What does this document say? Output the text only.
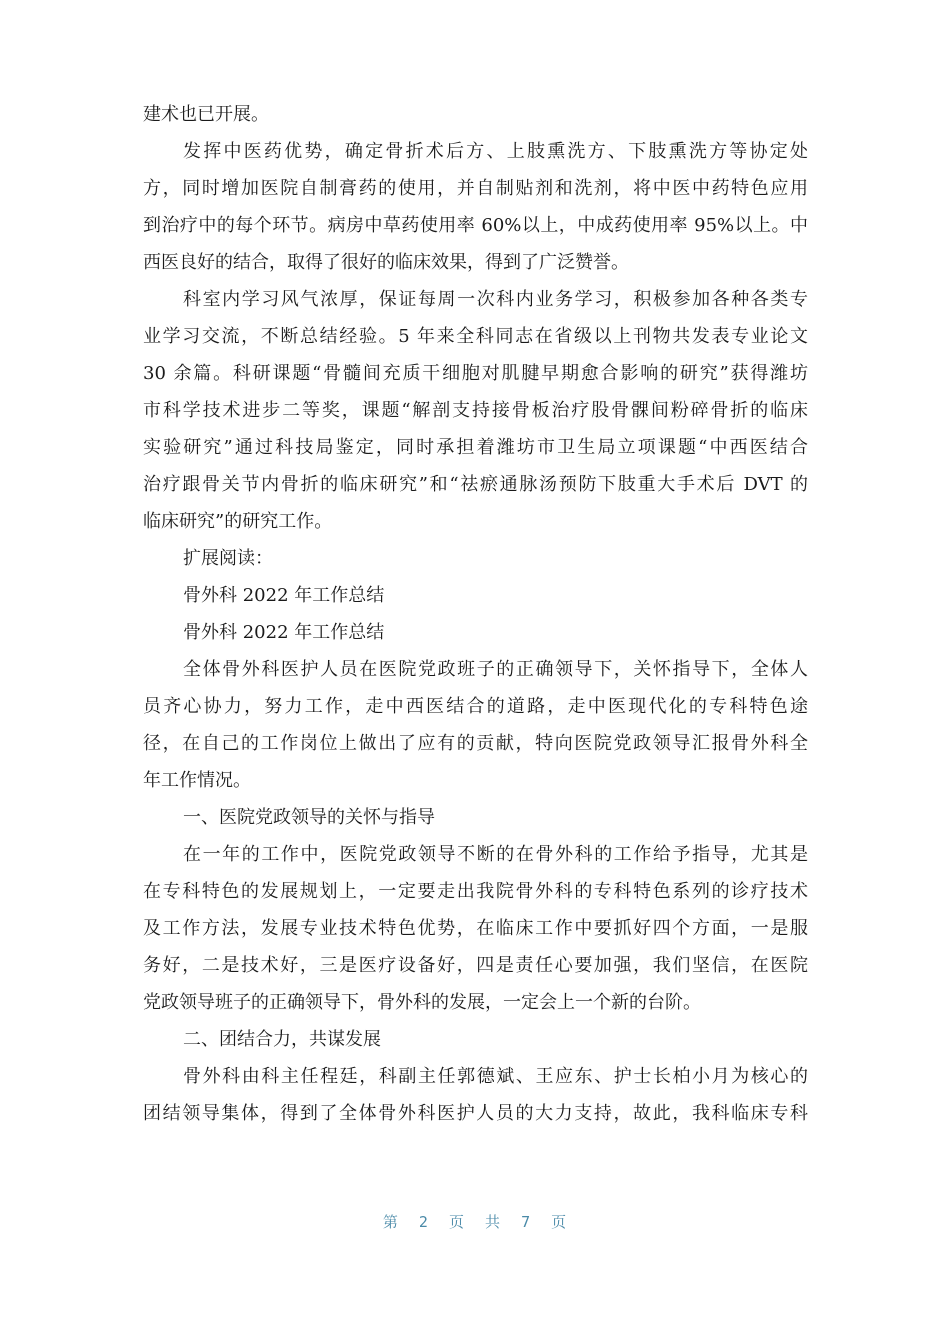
建术也已开展。
发挥中医药优势，确定骨折术后方、上肢熏洗方、下肢熏洗方等协定处
方，同时增加医院自制膏药的使用，并自制贴剂和洗剂，将中医中药特色应用
到治疗中的每个环节。病房中草药使用率 60%以上，中成药使用率 95%以上。中
西医良好的结合，取得了很好的临床效果，得到了广泛赞誉。
科室内学习风气浓厚，保证每周一次科内业务学习，积极参加各种各类专
业学习交流，不断总结经验。5 年来全科同志在省级以上刊物共发表专业论文
30 余篇。科研课题“骨髓间充质干细胞对肌腱早期愈合影响的研究”获得潍坊
市科学技术进步二等奖，课题“解剖支持接骨板治疗股骨髁间粉碎骨折的临床
实验研究”通过科技局鉴定，同时承担着潍坊市卫生局立项课题“中西医结合
治疗跟骨关节内骨折的临床研究”和“祛瘀通脉汤预防下肢重大手术后 DVT 的
临床研究”的研究工作。
扩展阅读：
骨外科 2022 年工作总结
骨外科 2022 年工作总结
全体骨外科医护人员在医院党政班子的正确领导下，关怀指导下，全体人
员齐心协力，努力工作，走中西医结合的道路，走中医现代化的专科特色途
径，在自己的工作岗位上做出了应有的贡献，特向医院党政领导汇报骨外科全
年工作情况。
一、医院党政领导的关怀与指导
在一年的工作中，医院党政领导不断的在骨外科的工作给予指导，尤其是
在专科特色的发展规划上，一定要走出我院骨外科的专科特色系列的诊疗技术
及工作方法，发展专业技术特色优势，在临床工作中要抓好四个方面，一是服
务好，二是技术好，三是医疗设备好，四是责任心要加强，我们坚信，在医院
党政领导班子的正确领导下，骨外科的发展，一定会上一个新的台阶。
二、团结合力，共谋发展
骨外科由科主任程廷，科副主任郭德斌、王应东、护士长柏小月为核心的
团结领导集体，得到了全体骨外科医护人员的大力支持，故此，我科临床专科
第 2 页 共 7 页
